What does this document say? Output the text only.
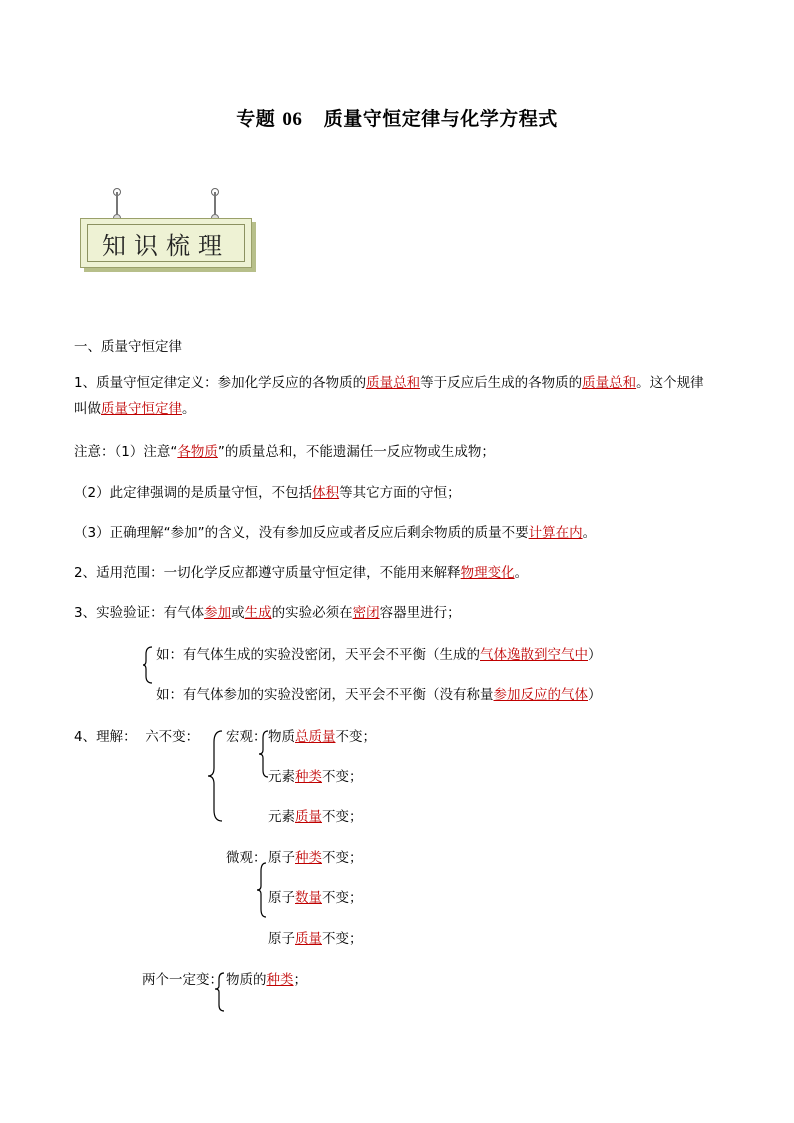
专题 06 质量守恒定律与化学方程式
知识梳理
一、质量守恒定律
1、质量守恒定律定义：参加化学反应的各物质的质量总和等于反应后生成的各物质的质量总和。这个规律
叫做质量守恒定律。
注意：（1）注意“各物质”的质量总和，不能遗漏任一反应物或生成物；
（2）此定律强调的是质量守恒，不包括体积等其它方面的守恒；
（3）正确理解“参加”的含义，没有参加反应或者反应后剩余物质的质量不要计算在内。
2、适用范围：一切化学反应都遵守质量守恒定律，不能用来解释物理变化。
3、实验验证：有气体参加或生成的实验必须在密闭容器里进行；
如：有气体生成的实验没密闭，天平会不平衡（生成的气体逸散到空气中）
如：有气体参加的实验没密闭，天平会不平衡（没有称量参加反应的气体）
4、理解： 六不变： 宏观： 物质总质量不变；
元素种类不变；
元素质量不变；
微观： 原子种类不变；
原子数量不变；
原子质量不变；
两个一定变： 物质的种类；
